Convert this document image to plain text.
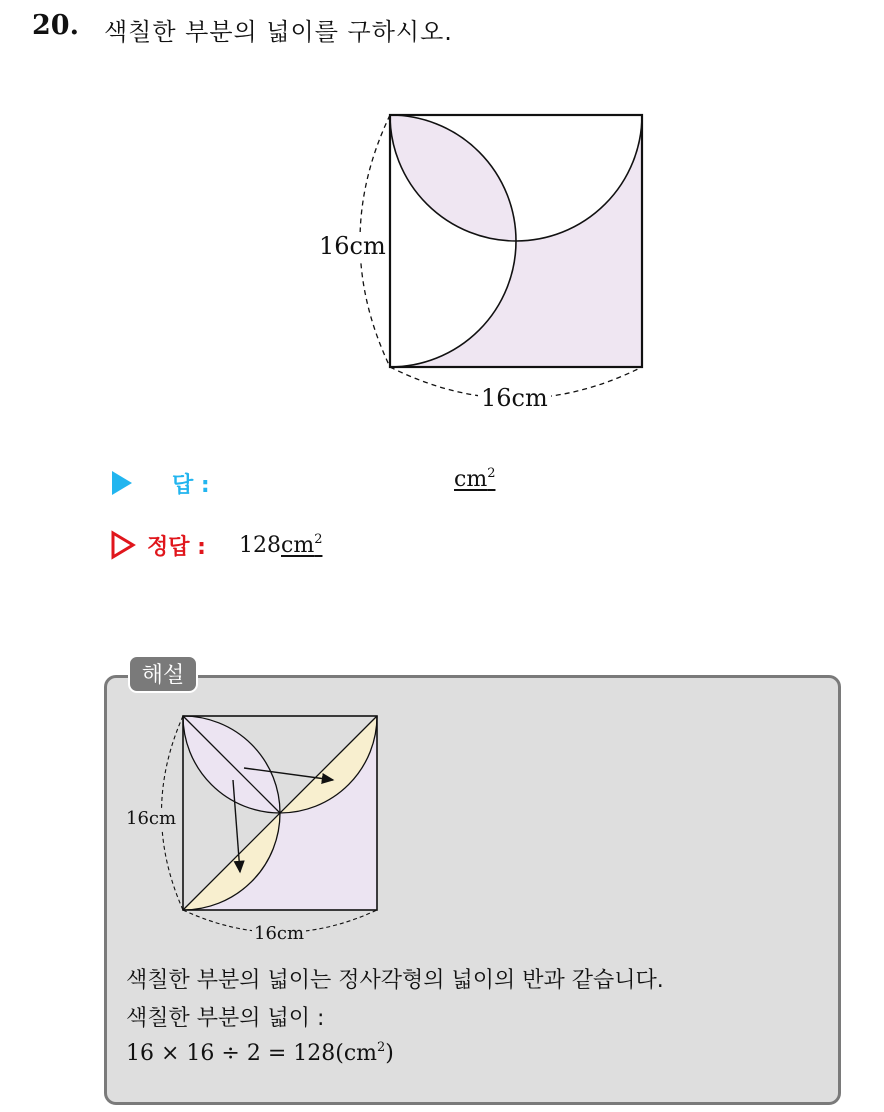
20. 색칠한 부분의 넓이를 구하시오.
16cm
16cm
답 :	$cm^2$
정답 : $128cm^2$
해설
16cm
16cm
색칠한 부분의 넓이는 정사각형의 넓이의 반과 같습니다.
색칠한 부분의 넓이 :
$16 \times 16 \div 2 = 128(cm^2)$
